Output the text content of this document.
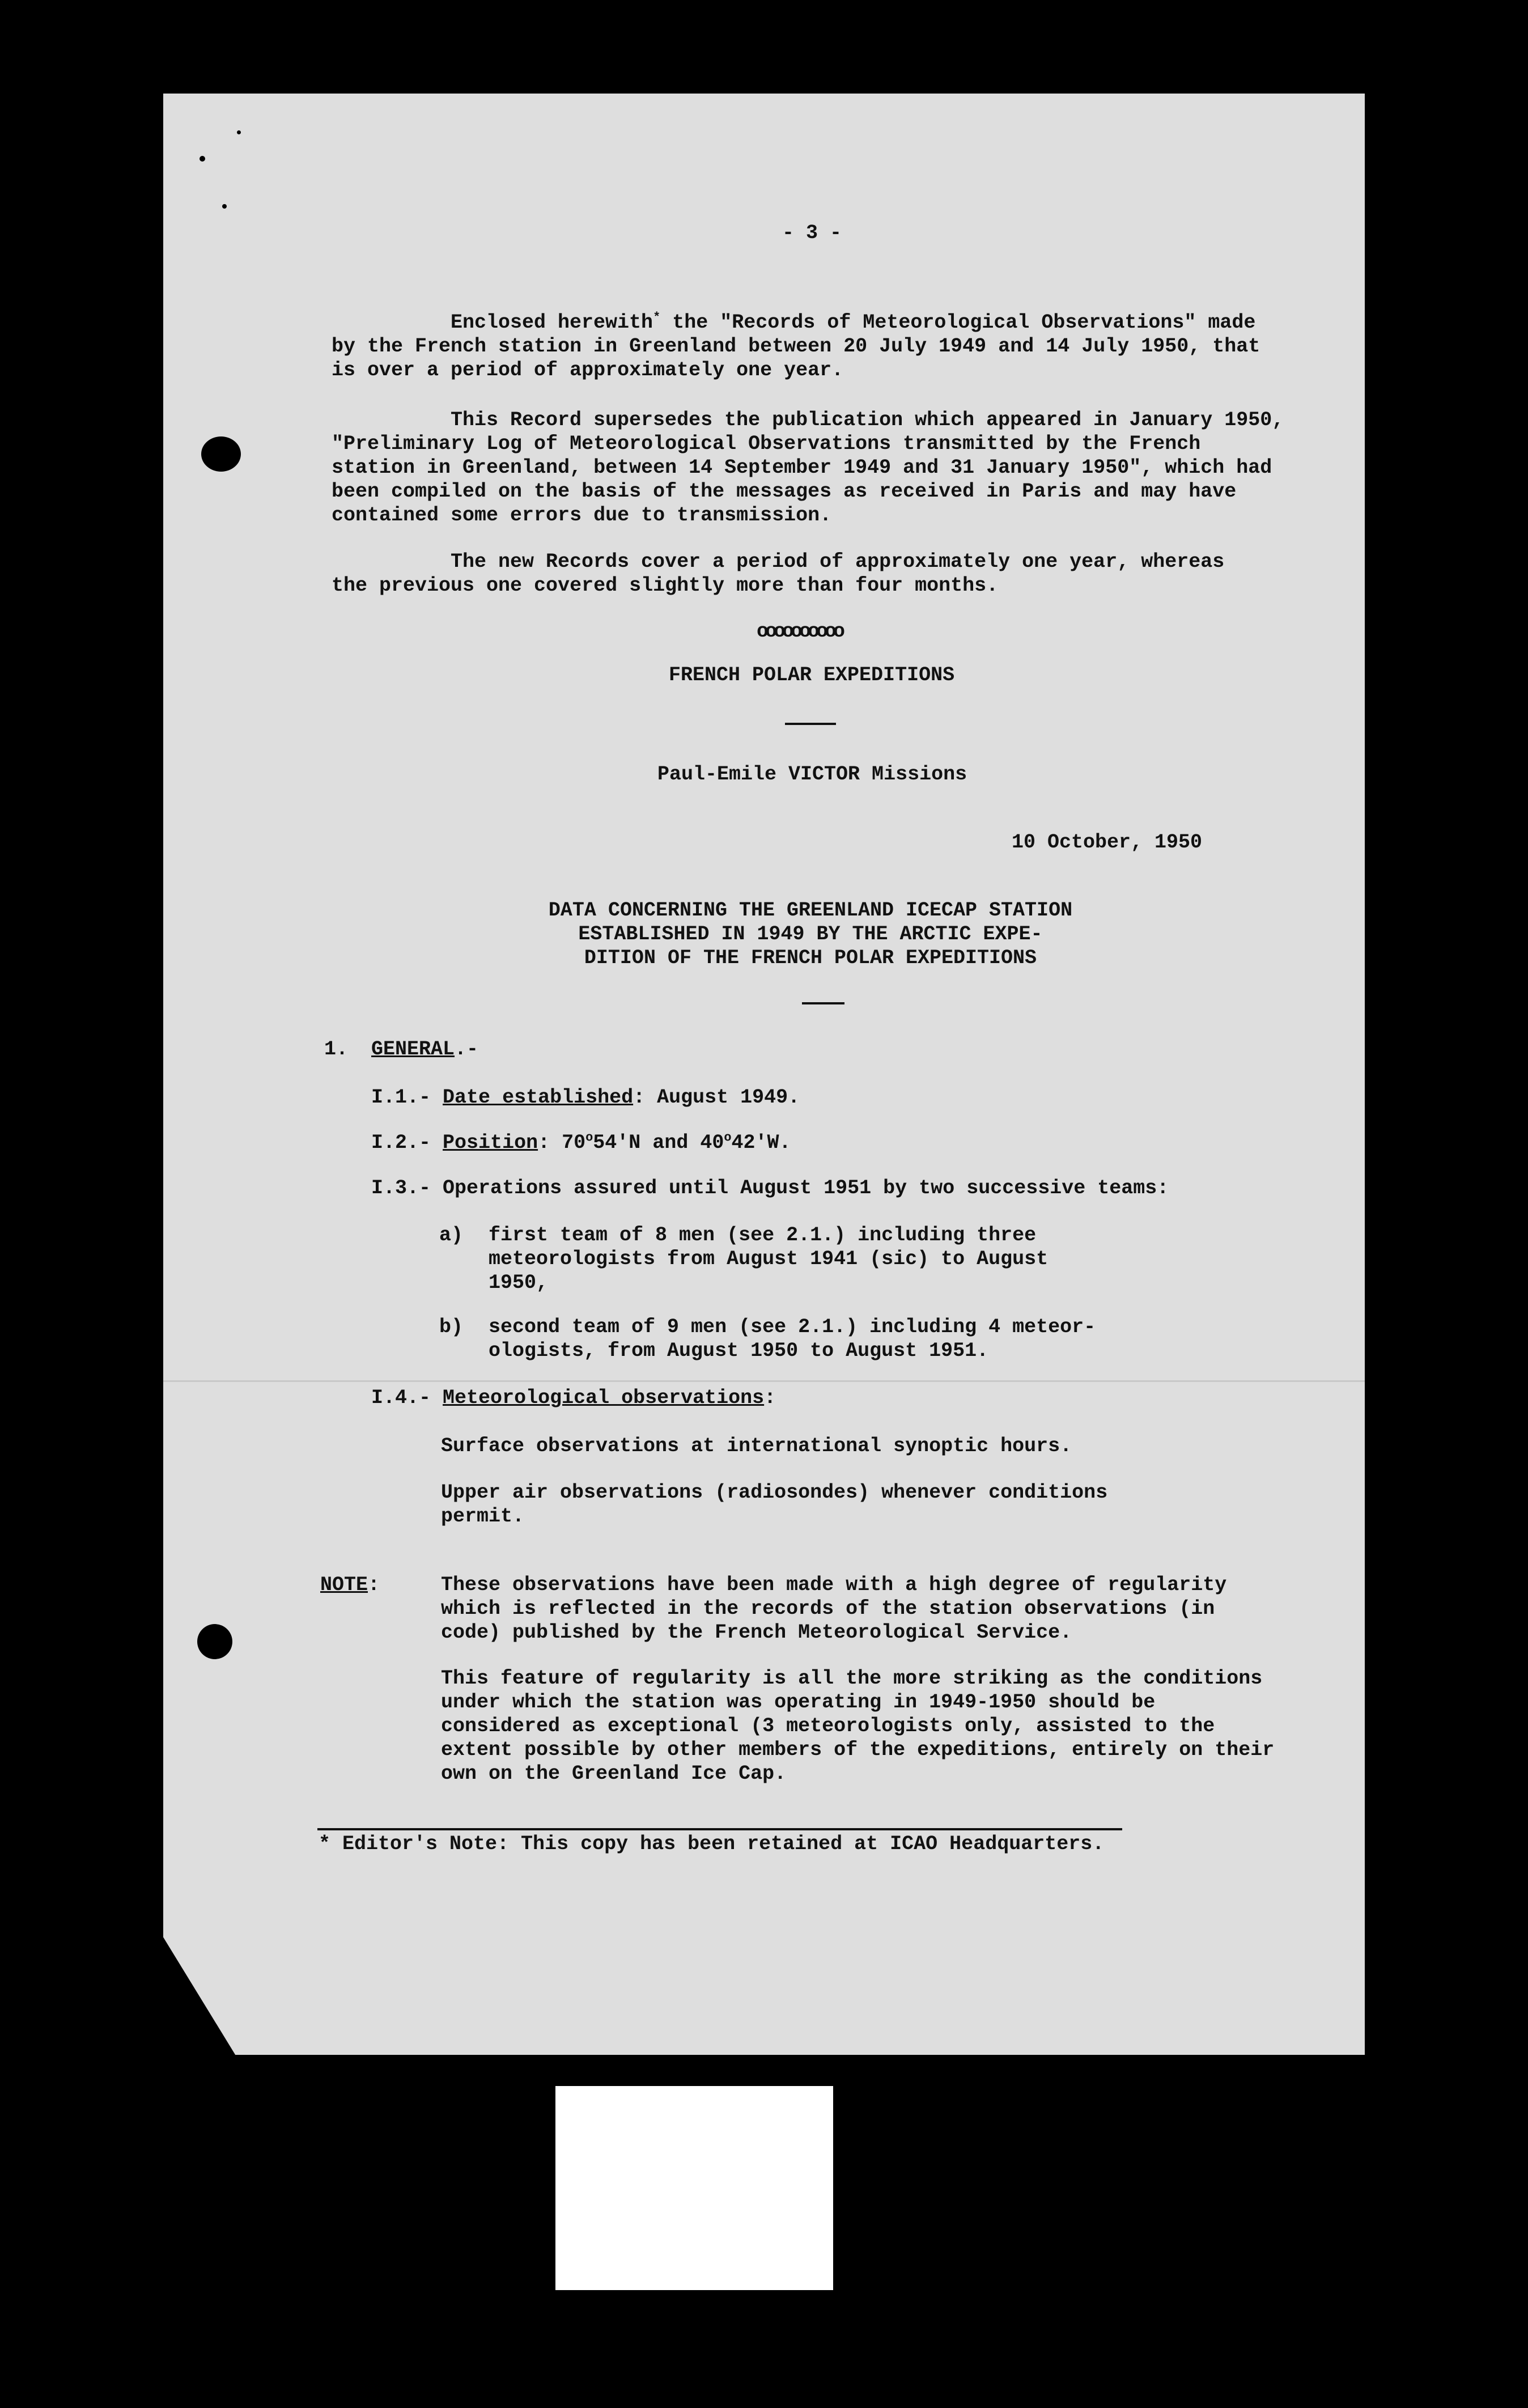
- 3 -
Enclosed herewith* the "Records of Meteorological Observations" made by the French station in Greenland between 20 July 1949 and 14 July 1950, that is over a period of approximately one year.
This Record supersedes the publication which appeared in January 1950, "Preliminary Log of Meteorological Observations transmitted by the French station in Greenland, between 14 September 1949 and 31 January 1950", which had been compiled on the basis of the messages as received in Paris and may have contained some errors due to transmission.
The new Records cover a period of approximately one year, whereas the previous one covered slightly more than four months.
oooooooooo
FRENCH POLAR EXPEDITIONS
Paul-Emile VICTOR Missions
10 October, 1950
DATA CONCERNING THE GREENLAND ICECAP STATION
ESTABLISHED IN 1949 BY THE ARCTIC EXPE-
DITION OF THE FRENCH POLAR EXPEDITIONS
1. GENERAL.-
I.1.- Date established: August 1949.
I.2.- Position: 70$^o$54'N and 40$^o$42'W.
I.3.- Operations assured until August 1951 by two successive teams:
a) first team of 8 men (see 2.1.) including three meteorologists from August 1941 (sic) to August 1950,
b) second team of 9 men (see 2.1.) including 4 meteor-ologists, from August 1950 to August 1951.
I.4.- Meteorological observations:
Surface observations at international synoptic hours.
Upper air observations (radiosondes) whenever conditions permit.
NOTE:	These observations have been made with a high degree of regularity which is reflected in the records of the station observations (in code) published by the French Meteorological Service.
This feature of regularity is all the more striking as the conditions under which the station was operating in 1949-1950 should be considered as exceptional (3 meteorologists only, assisted to the extent possible by other members of the expeditions, entirely on their own on the Greenland Ice Cap.
* Editor's Note: This copy has been retained at ICAO Headquarters.
